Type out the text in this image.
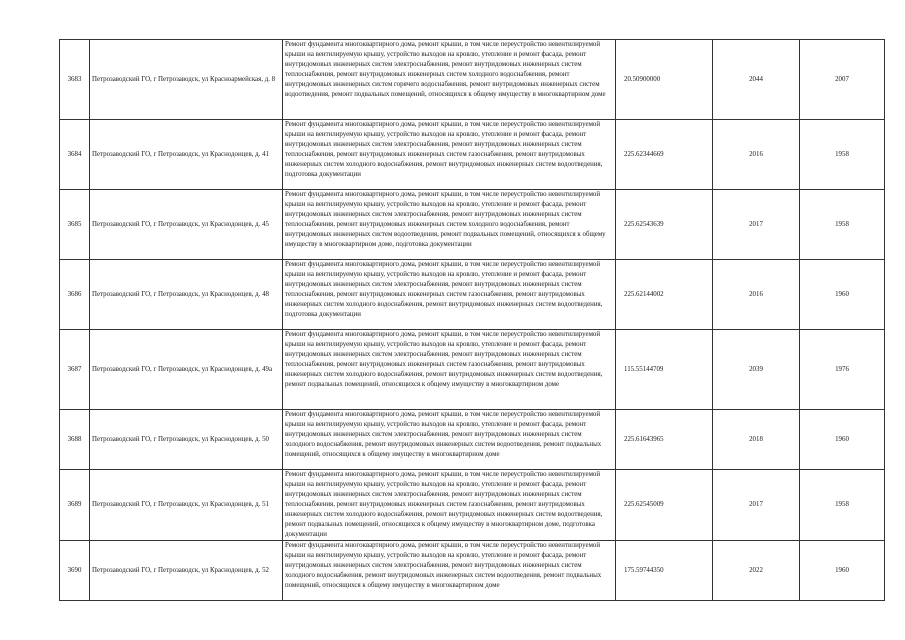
3683	Петрозаводский ГО, г Петрозаводск, ул Красноармейская, д. 8	Ремонт фундамента многоквартирного дома, ремонт крыши, в том числе переустройство невентилируемой крыши на вентилируемую крышу, устройство выходов на кровлю, утепление и ремонт фасада, ремонт внутридомовых инженерных систем электроснабжения, ремонт внутридомовых инженерных систем теплоснабжения, ремонт внутридомовых инженерных систем холодного водоснабжения, ремонт внутридомовых инженерных систем горячего водоснабжения, ремонт внутридомовых инженерных систем водоотведения, ремонт подвальных помещений, относящихся к общему имуществу в многоквартирном доме	20.50900000	2044	2007
3684	Петрозаводский ГО, г Петрозаводск, ул Краснодонцев, д. 41	Ремонт фундамента многоквартирного дома, ремонт крыши, в том числе переустройство невентилируемой крыши на вентилируемую крышу, устройство выходов на кровлю, утепление и ремонт фасада, ремонт внутридомовых инженерных систем электроснабжения, ремонт внутридомовых инженерных систем теплоснабжения, ремонт внутридомовых инженерных систем газоснабжения, ремонт внутридомовых инженерных систем холодного водоснабжения, ремонт внутридомовых инженерных систем водоотведения, подготовка документации	225.62344669	2016	1958
3685	Петрозаводский ГО, г Петрозаводск, ул Краснодонцев, д. 45	Ремонт фундамента многоквартирного дома, ремонт крыши, в том числе переустройство невентилируемой крыши на вентилируемую крышу, устройство выходов на кровлю, утепление и ремонт фасада, ремонт внутридомовых инженерных систем электроснабжения, ремонт внутридомовых инженерных систем теплоснабжения, ремонт внутридомовых инженерных систем холодного водоснабжения, ремонт внутридомовых инженерных систем водоотведения, ремонт подвальных помещений, относящихся к общему имуществу в многоквартирном доме, подготовка документации	225.62543639	2017	1958
3686	Петрозаводский ГО, г Петрозаводск, ул Краснодонцев, д. 48	Ремонт фундамента многоквартирного дома, ремонт крыши, в том числе переустройство невентилируемой крыши на вентилируемую крышу, устройство выходов на кровлю, утепление и ремонт фасада, ремонт внутридомовых инженерных систем электроснабжения, ремонт внутридомовых инженерных систем теплоснабжения, ремонт внутридомовых инженерных систем газоснабжения, ремонт внутридомовых инженерных систем холодного водоснабжения, ремонт внутридомовых инженерных систем водоотведения, подготовка документации	225.62144002	2016	1960
3687	Петрозаводский ГО, г Петрозаводск, ул Краснодонцев, д. 49а	Ремонт фундамента многоквартирного дома, ремонт крыши, в том числе переустройство невентилируемой крыши на вентилируемую крышу, устройство выходов на кровлю, утепление и ремонт фасада, ремонт внутридомовых инженерных систем электроснабжения, ремонт внутридомовых инженерных систем теплоснабжения, ремонт внутридомовых инженерных систем газоснабжения, ремонт внутридомовых инженерных систем холодного водоснабжения, ремонт внутридомовых инженерных систем водоотведения, ремонт подвальных помещений, относящихся к общему имуществу в многоквартирном доме	115.55144709	2039	1976
3688	Петрозаводский ГО, г Петрозаводск, ул Краснодонцев, д. 50	Ремонт фундамента многоквартирного дома, ремонт крыши, в том числе переустройство невентилируемой крыши на вентилируемую крышу, устройство выходов на кровлю, утепление и ремонт фасада, ремонт внутридомовых инженерных систем электроснабжения, ремонт внутридомовых инженерных систем холодного водоснабжения, ремонт внутридомовых инженерных систем водоотведения, ремонт подвальных помещений, относящихся к общему имуществу в многоквартирном доме	225.61643965	2018	1960
3689	Петрозаводский ГО, г Петрозаводск, ул Краснодонцев, д. 51	Ремонт фундамента многоквартирного дома, ремонт крыши, в том числе переустройство невентилируемой крыши на вентилируемую крышу, устройство выходов на кровлю, утепление и ремонт фасада, ремонт внутридомовых инженерных систем электроснабжения, ремонт внутридомовых инженерных систем теплоснабжения, ремонт внутридомовых инженерных систем газоснабжения, ремонт внутридомовых инженерных систем холодного водоснабжения, ремонт внутридомовых инженерных систем водоотведения, ремонт подвальных помещений, относящихся к общему имуществу в многоквартирном доме, подготовка документации	225.62545009	2017	1958
3690	Петрозаводский ГО, г Петрозаводск, ул Краснодонцев, д. 52	Ремонт фундамента многоквартирного дома, ремонт крыши, в том числе переустройство невентилируемой крыши на вентилируемую крышу, устройство выходов на кровлю, утепление и ремонт фасада, ремонт внутридомовых инженерных систем электроснабжения, ремонт внутридомовых инженерных систем холодного водоснабжения, ремонт внутридомовых инженерных систем водоотведения, ремонт подвальных помещений, относящихся к общему имуществу в многоквартирном доме	175.59744350	2022	1960
